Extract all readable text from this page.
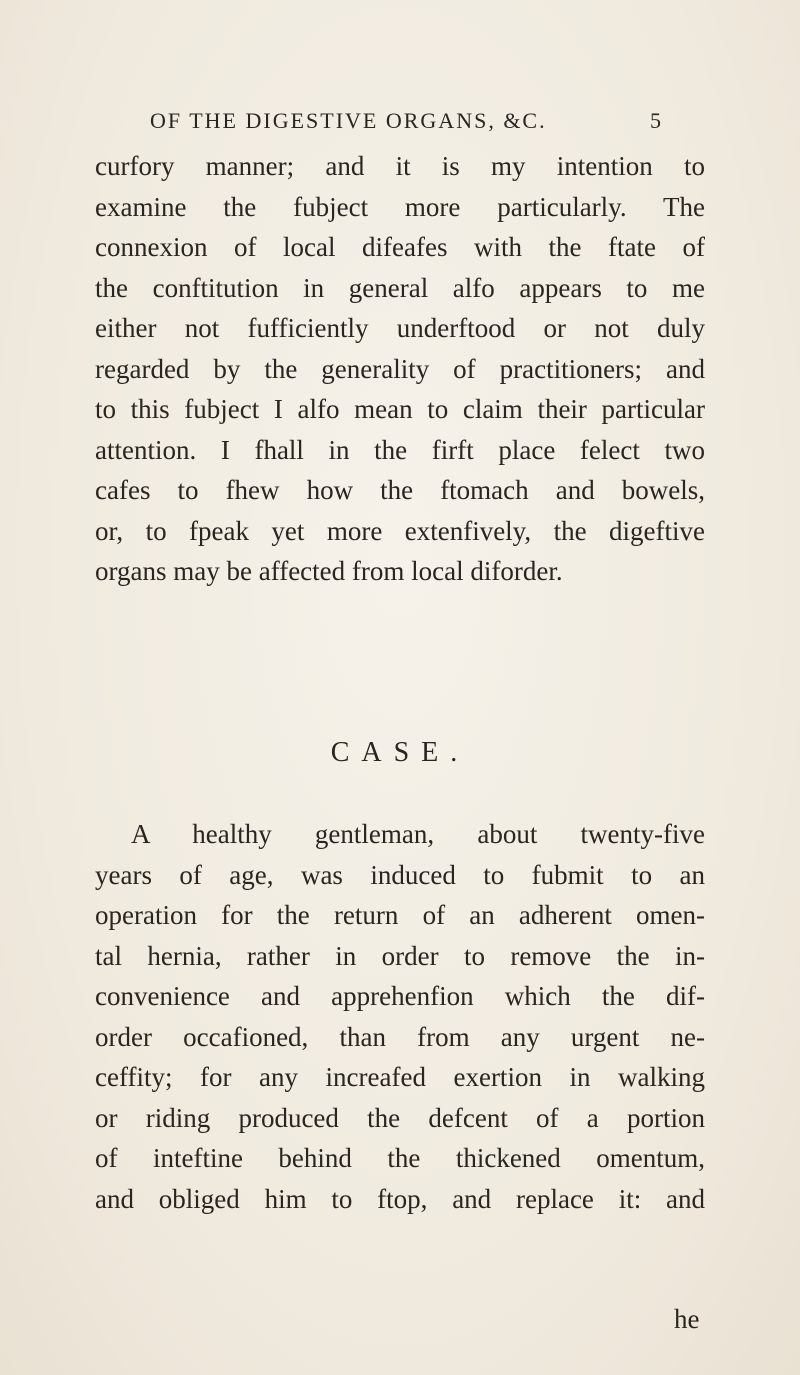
OF THE DIGESTIVE ORGANS, &C.	5
curfory manner; and it is my intention to
examine the fubject more particularly. The
connexion of local difeafes with the ftate of
the conftitution in general alfo appears to me
either not fufficiently underftood or not duly
regarded by the generality of practitioners; and
to this fubject I alfo mean to claim their particular
attention. I fhall in the firft place felect two
cafes to fhew how the ftomach and bowels,
or, to fpeak yet more extenfively, the digeftive
organs may be affected from local diforder.
CASE.
A healthy gentleman, about twenty-five
years of age, was induced to fubmit to an
operation for the return of an adherent omen-
tal hernia, rather in order to remove the in-
convenience and apprehenfion which the dif-
order occafioned, than from any urgent ne-
ceffity; for any increafed exertion in walking
or riding produced the defcent of a portion
of inteftine behind the thickened omentum,
and obliged him to ftop, and replace it: and
he
